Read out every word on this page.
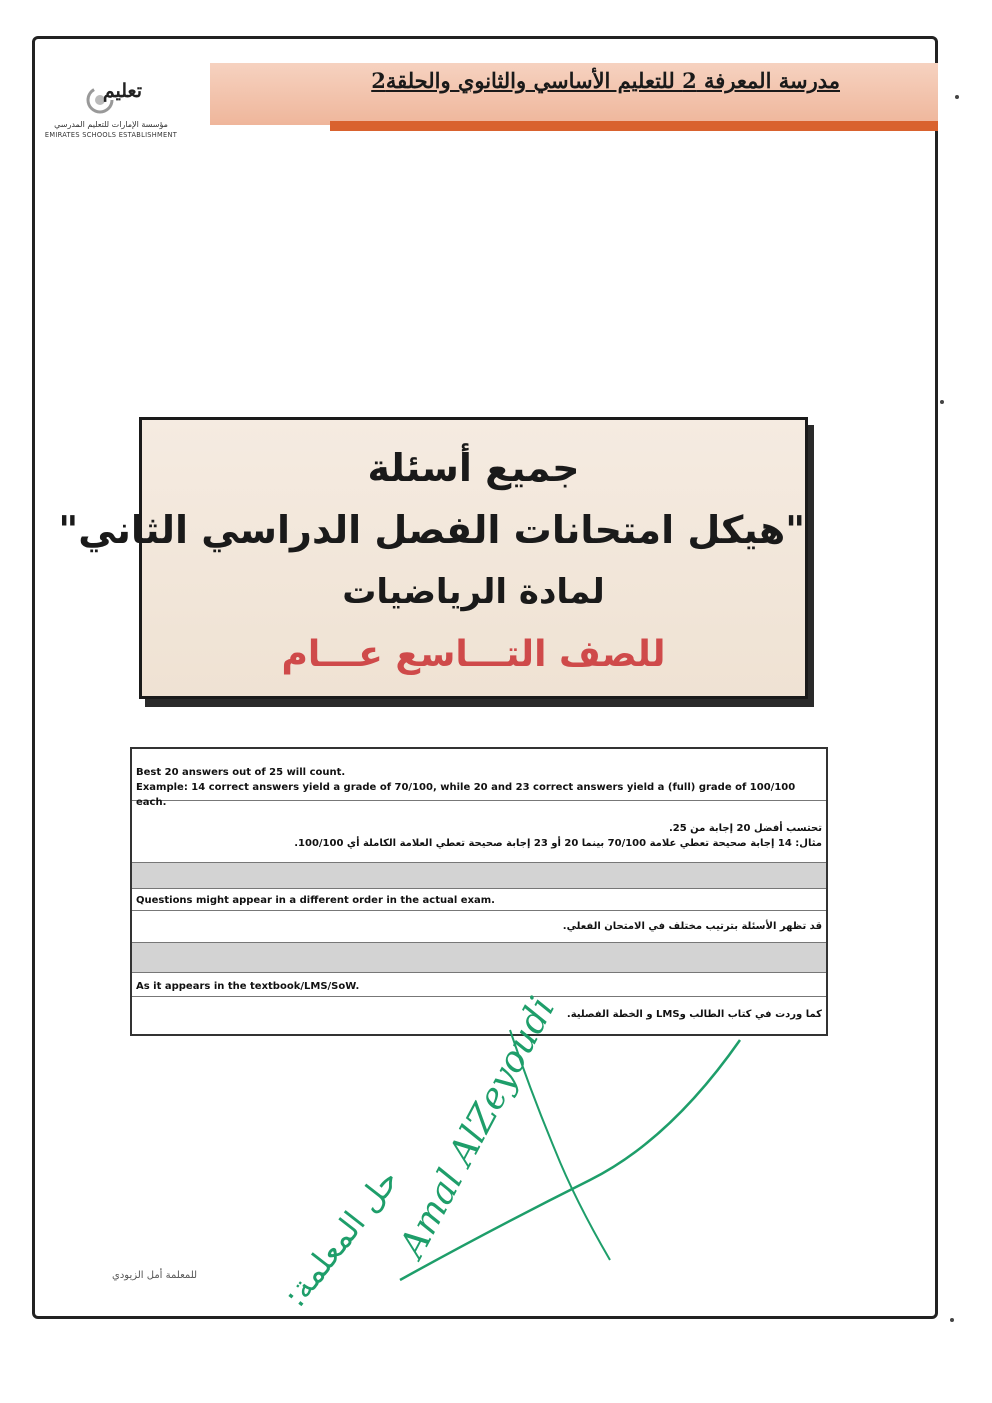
تعليم
مؤسسة الإمارات للتعليم المدرسي
EMIRATES SCHOOLS ESTABLISHMENT
مدرسة المعرفة 2 للتعليم الأساسي والثانوي والحلقة2
جميع أسئلة
"هيكل امتحانات الفصل الدراسي الثاني"
لمادة الرياضيات
للصف التـــاسع عـــام
Best 20 answers out of 25 will count.
Example: 14 correct answers yield a grade of 70/100, while 20 and 23 correct answers yield a (full) grade of 100/100 each.
تحتسب أفضل 20 إجابة من 25.
مثال: 14 إجابة صحيحة تعطي علامة 70/100 بينما 20 أو 23 إجابة صحيحة تعطي العلامة الكاملة أي 100/100.
Questions might appear in a different order in the actual exam.
قد تظهر الأسئلة بترتيب مختلف في الامتحان الفعلي.
As it appears in the textbook/LMS/SoW.
كما وردت في كتاب الطالب وLMS و الخطة الفصلية.
حل المعلمة:
Amal AlZeyoudi
للمعلمة أمل الزيودي
